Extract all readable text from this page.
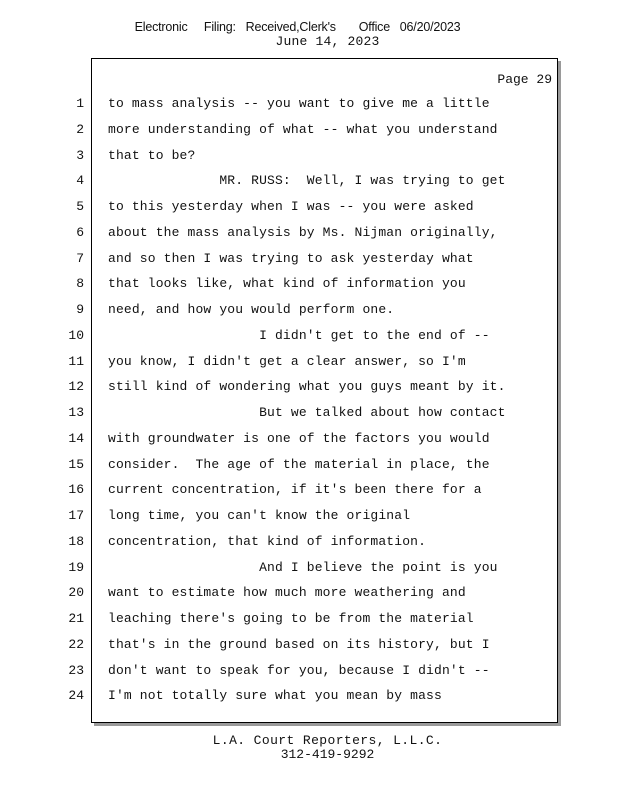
Electronic     Filing:   Received,Clerk's       Office   06/20/2023
June 14, 2023
Page 29
1 to mass analysis -- you want to give me a little
2 more understanding of what -- what you understand
3 that to be?
4 MR. RUSS:  Well, I was trying to get
5 to this yesterday when I was -- you were asked
6 about the mass analysis by Ms. Nijman originally,
7 and so then I was trying to ask yesterday what
8 that looks like, what kind of information you
9 need, and how you would perform one.
10 I didn't get to the end of --
11 you know, I didn't get a clear answer, so I'm
12 still kind of wondering what you guys meant by it.
13 But we talked about how contact
14 with groundwater is one of the factors you would
15 consider.  The age of the material in place, the
16 current concentration, if it's been there for a
17 long time, you can't know the original
18 concentration, that kind of information.
19 And I believe the point is you
20 want to estimate how much more weathering and
21 leaching there's going to be from the material
22 that's in the ground based on its history, but I
23 don't want to speak for you, because I didn't --
24 I'm not totally sure what you mean by mass
L.A. Court Reporters, L.L.C.
312-419-9292
